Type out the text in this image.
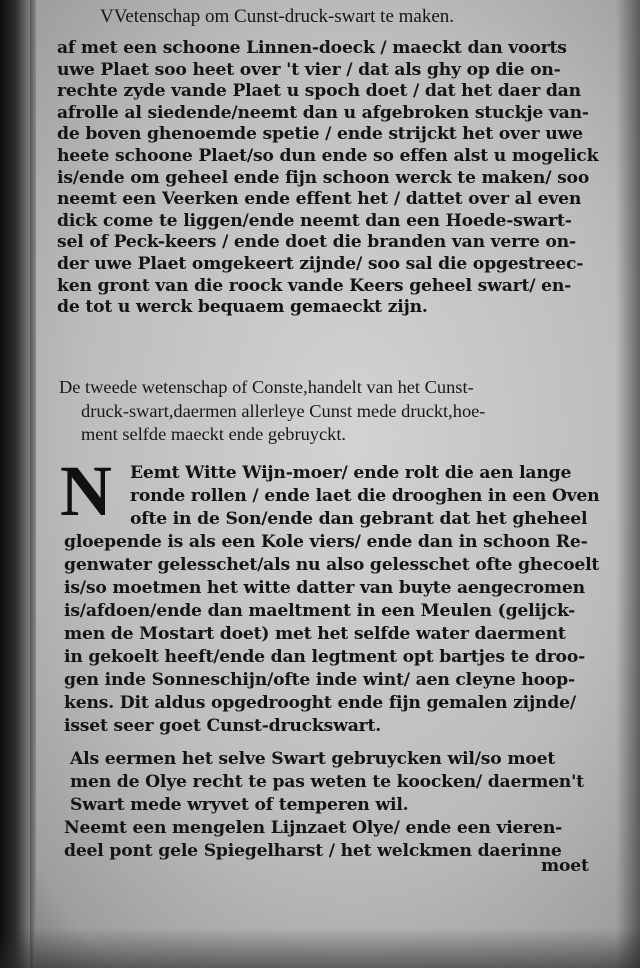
VVetenschap om Cunst-druck-swart te maken.
af met een schoone Linnen-doeck / maeckt dan voorts
uwe Plaet soo heet over 't vier / dat als ghy op die on-
rechte zyde vande Plaet u spoch doet / dat het daer dan
afrolle al siedende/neemt dan u afgebroken stuckje van-
de boven ghenoemde spetie / ende strijckt het over uwe
heete schoone Plaet/so dun ende so effen alst u mogelick
is/ende om geheel ende fijn schoon werck te maken/ soo
neemt een Veerken ende effent het / dattet over al even
dick come te liggen/ende neemt dan een Hoede-swart-
sel of Peck-keers / ende doet die branden van verre on-
der uwe Plaet omgekeert zijnde/ soo sal die opgestreec-
ken gront van die roock vande Keers geheel swart/ en-
de tot u werck bequaem gemaeckt zijn.
De tweede wetenschap of Conste,handelt van het Cunst-
druck-swart,daermen allerleye Cunst mede druckt,hoe-
ment selfde maeckt ende gebruyckt.
N	Eemt Witte Wijn-moer/ ende rolt die aen lange
ronde rollen / ende laet die drooghen in een Oven
ofte in de Son/ende dan gebrant dat het gheheel
gloepende is als een Kole viers/ ende dan in schoon Re-
genwater gelesschet/als nu also gelesschet ofte ghecoelt
is/so moetmen het witte datter van buyte aengecromen
is/afdoen/ende dan maeltment in een Meulen (gelijck-
men de Mostart doet) met het selfde water daerment
in gekoelt heeft/ende dan legtment opt bartjes te droo-
gen inde Sonneschijn/ofte inde wint/ aen cleyne hoop-
kens. Dit aldus opgedrooght ende fijn gemalen zijnde/
isset seer goet Cunst-druckswart.
Als eermen het selve Swart gebruycken wil/so moet
men de Olye recht te pas weten te koocken/ daermen't
Swart mede wryvet of temperen wil.
Neemt een mengelen Lijnzaet Olye/ ende een vieren-
deel pont gele Spiegelharst / het welckmen daerinne
moet
